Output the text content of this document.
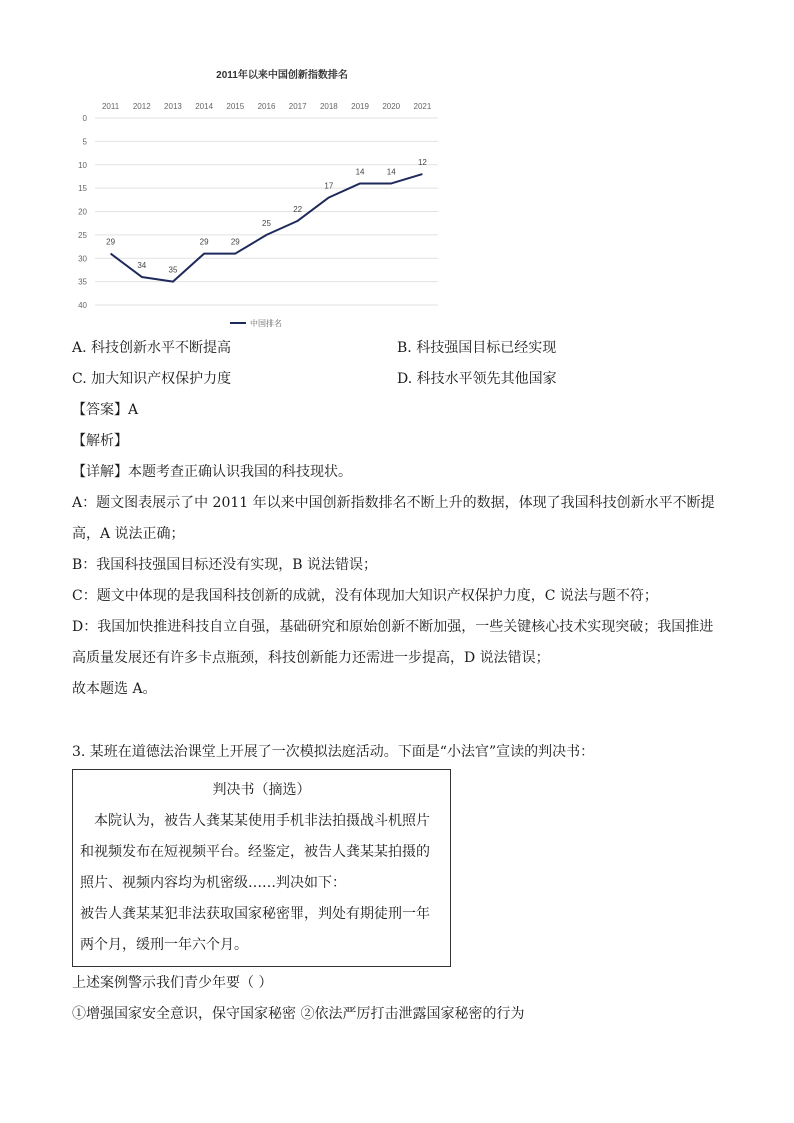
2011年以来中国创新指数排名
2011 2012 2013 2014 2015 2016 2017 2018 2019 2020 2021
0
5
10
15
20
25
30
35
40
29
34
35
29	29
25
22
17
14	14
12
中国排名
A. 科技创新水平不断提高	B. 科技强国目标已经实现
C. 加大知识产权保护力度	D. 科技水平领先其他国家
【答案】A
【解析】
【详解】本题考查正确认识我国的科技现状。
A：题文图表展示了中 2011 年以来中国创新指数排名不断上升的数据，体现了我国科技创新水平不断提
高，A 说法正确；
B：我国科技强国目标还没有实现，B 说法错误；
C：题文中体现的是我国科技创新的成就，没有体现加大知识产权保护力度，C 说法与题不符；
D：我国加快推进科技自立自强，基础研究和原始创新不断加强，一些关键核心技术实现突破；我国推进
高质量发展还有许多卡点瓶颈，科技创新能力还需进一步提高，D 说法错误；
故本题选 A。
3. 某班在道德法治课堂上开展了一次模拟法庭活动。下面是“小法官”宣读的判决书：
判决书（摘选）
本院认为，被告人龚某某使用手机非法拍摄战斗机照片
和视频发布在短视频平台。经鉴定，被告人龚某某拍摄的
照片、视频内容均为机密级……判决如下：
被告人龚某某犯非法获取国家秘密罪，判处有期徒刑一年
两个月，缓刑一年六个月。
上述案例警示我们青少年要（ ）
①增强国家安全意识，保守国家秘密 ②依法严厉打击泄露国家秘密的行为
